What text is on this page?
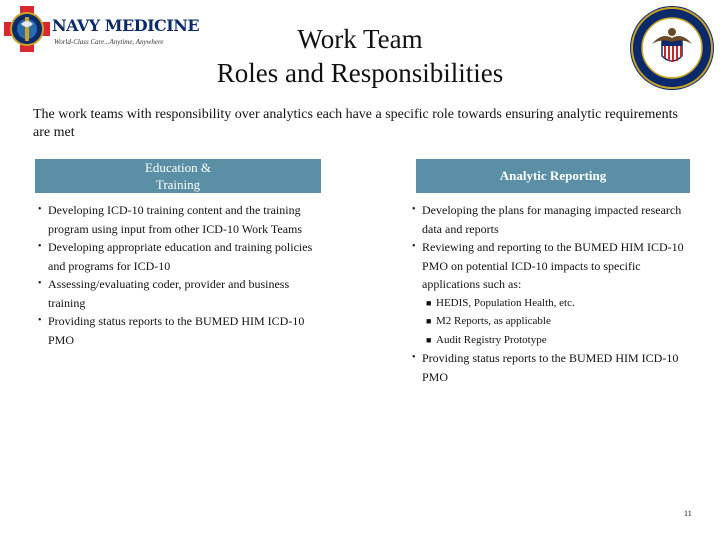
NAVY MEDICINE
World-Class Care...Anytime, Anywhere	Work Team
Roles and Responsibilities
The work teams with responsibility over analytics each have a specific role towards ensuring analytic requirements are met
Education &
Training
Analytic Reporting
• Developing ICD-10 training content and the training program using input from other ICD-10 Work Teams
• Developing appropriate education and training policies and programs for ICD-10
• Assessing/evaluating coder, provider and business training
• Providing status reports to the BUMED HIM ICD-10 PMO
• Developing the plans for managing impacted research data and reports
• Reviewing and reporting to the BUMED HIM ICD-10 PMO on potential ICD-10 impacts to specific applications such as:
■ HEDIS, Population Health, etc.
■ M2 Reports, as applicable
■ Audit Registry Prototype
• Providing status reports to the BUMED HIM ICD-10 PMO
11
